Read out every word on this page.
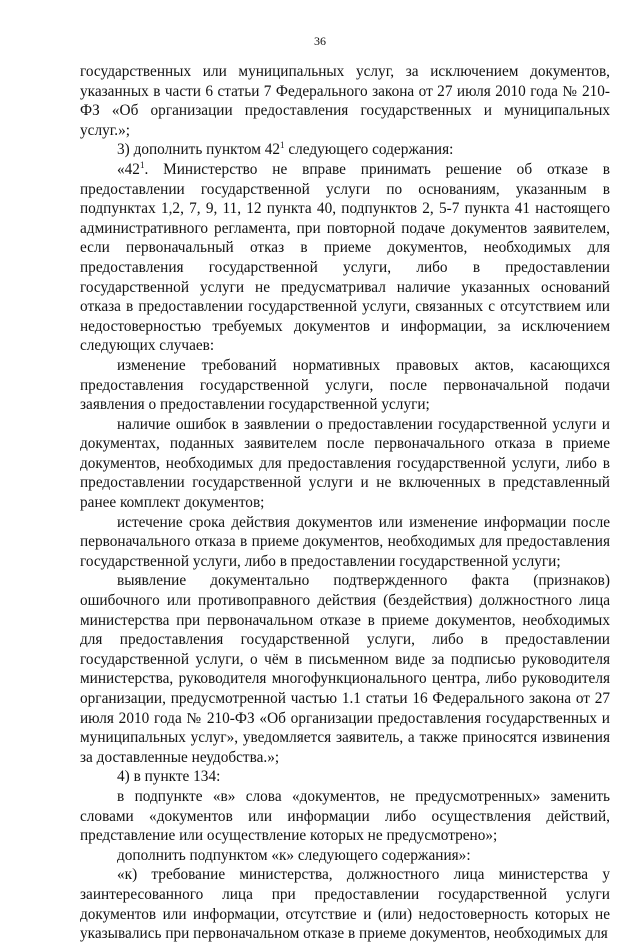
36

государственных или муниципальных услуг, за исключением документов, указанных в части 6 статьи 7 Федерального закона от 27 июля 2010 года № 210-ФЗ «Об организации предоставления государственных и муниципальных услуг.»;

3) дополнить пунктом $42^1$ следующего содержания:

«$42^1$. Министерство не вправе принимать решение об отказе в предоставлении государственной услуги по основаниям, указанным в подпунктах 1,2, 7, 9, 11, 12 пункта 40, подпунктов 2, 5-7 пункта 41 настоящего административного регламента, при повторной подаче документов заявителем, если первоначальный отказ в приеме документов, необходимых для предоставления государственной услуги, либо в предоставлении государственной услуги не предусматривал наличие указанных оснований отказа в предоставлении государственной услуги, связанных с отсутствием или недостоверностью требуемых документов и информации, за исключением следующих случаев:

изменение требований нормативных правовых актов, касающихся предоставления государственной услуги, после первоначальной подачи заявления о предоставлении государственной услуги;

наличие ошибок в заявлении о предоставлении государственной услуги и документах, поданных заявителем после первоначального отказа в приеме документов, необходимых для предоставления государственной услуги, либо в предоставлении государственной услуги и не включенных в представленный ранее комплект документов;

истечение срока действия документов или изменение информации после первоначального отказа в приеме документов, необходимых для предоставления государственной услуги, либо в предоставлении государственной услуги;

выявление документально подтвержденного факта (признаков) ошибочного или противоправного действия (бездействия) должностного лица министерства при первоначальном отказе в приеме документов, необходимых для предоставления государственной услуги, либо в предоставлении государственной услуги, о чём в письменном виде за подписью руководителя министерства, руководителя многофункционального центра, либо руководителя организации, предусмотренной частью 1.1 статьи 16 Федерального закона от 27 июля 2010 года № 210-ФЗ «Об организации предоставления государственных и муниципальных услуг», уведомляется заявитель, а также приносятся извинения за доставленные неудобства.»;

4) в пункте 134:

в подпункте «в» слова «документов, не предусмотренных» заменить словами «документов или информации либо осуществления действий, представление или осуществление которых не предусмотрено»;

дополнить подпунктом «к» следующего содержания»:

«к) требование министерства, должностного лица министерства у заинтересованного лица при предоставлении государственной услуги документов или информации, отсутствие и (или) недостоверность которых не указывались при первоначальном отказе в приеме документов, необходимых для
